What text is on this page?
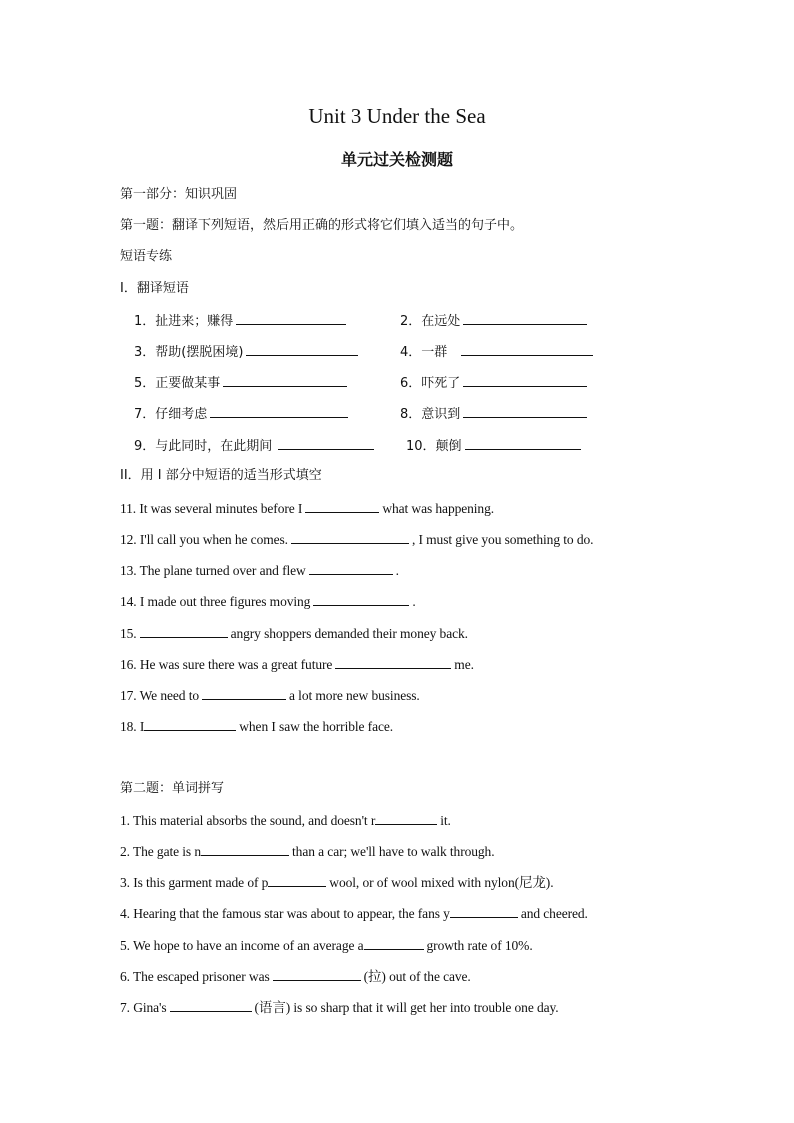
Unit 3 Under the Sea
单元过关检测题
第一部分：知识巩固
第一题：翻译下列短语，然后用正确的形式将它们填入适当的句子中。
短语专练
I．翻译短语
1．扯进来；赚得	2．在远处
3．帮助(摆脱困境)	4．一群
5．正要做某事	6．吓死了
7．仔细考虑	8．意识到
9．与此同时，在此期间	10．颠倒
II．用 I 部分中短语的适当形式填空
11. It was several minutes before I	what was happening.
12. I'll call you when he comes.	, I must give you something to do.
13. The plane turned over and flew	.
14. I made out three figures moving	.
15.	angry shoppers demanded their money back.
16. He was sure there was a great future	me.
17. We need to	a lot more new business.
18. I	when I saw the horrible face.
第二题：单词拼写
1. This material absorbs the sound, and doesn't r	it.
2. The gate is n	than a car; we'll have to walk through.
3. Is this garment made of p	wool, or of wool mixed with nylon(尼龙).
4. Hearing that the famous star was about to appear, the fans y	and cheered.
5. We hope to have an income of an average a	growth rate of 10%.
6. The escaped prisoner was	(拉) out of the cave.
7. Gina's	(语言) is so sharp that it will get her into trouble one day.
